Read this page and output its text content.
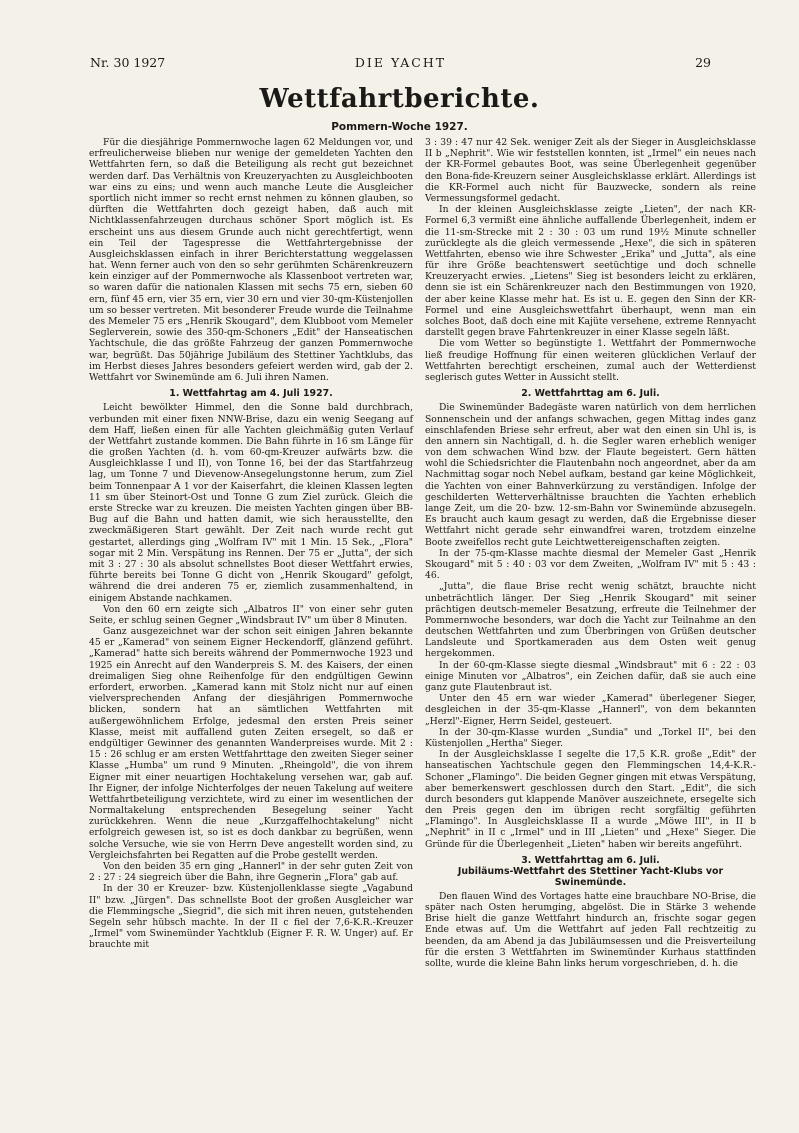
Nr. 30 1927	DIE YACHT	29
Wettfahrtberichte.
Pommern-Woche 1927.

Für die diesjährige Pommernwoche lagen 62 Meldungen vor, und erfreulicherweise blieben nur wenige der gemeldeten Yachten den Wettfahrten fern, so daß die Beteiligung als recht gut bezeichnet werden darf. Das Verhältnis von Kreuzeryachten zu Ausgleichbooten war eins zu eins; und wenn auch manche Leute die Ausgleicher sportlich nicht immer so recht ernst nehmen zu können glauben, so dürften die Wettfahrten doch gezeigt haben, daß auch mit Nichtklassenfahrzeugen durchaus schöner Sport möglich ist. Es erscheint uns aus diesem Grunde auch nicht gerechtfertigt, wenn ein Teil der Tagespresse die Wettfahrtergebnisse der Ausgleichsklassen einfach in ihrer Berichterstattung weggelassen hat. Wenn ferner auch von den so sehr gerühmten Schärenkreuzern kein einziger auf der Pommernwoche als Klassenboot vertreten war, so waren dafür die nationalen Klassen mit sechs 75 ern, sieben 60 ern, fünf 45 ern, vier 35 ern, vier 30 ern und vier 30-qm-Küstenjollen um so besser vertreten. Mit besonderer Freude wurde die Teilnahme des Memeler 75 ers „Henrik Skougard", dem Klubboot vom Memeler Seglerverein, sowie des 350-qm-Schoners „Edit" der Hanseatischen Yachtschule, die das größte Fahrzeug der ganzen Pommernwoche war, begrüßt. Das 50jährige Jubiläum des Stettiner Yachtklubs, das im Herbst dieses Jahres besonders gefeiert werden wird, gab der 2. Wettfahrt vor Swinemünde am 6. Juli ihren Namen.

1. Wettfahrtag am 4. Juli 1927.

Leicht bewölkter Himmel, den die Sonne bald durchbrach, verbunden mit einer fixen NNW-Brise, dazu ein wenig Seegang auf dem Haff, ließen einen für alle Yachten gleichmäßig guten Verlauf der Wettfahrt zustande kommen. Die Bahn führte in 16 sm Länge für die großen Yachten (d. h. vom 60-qm-Kreuzer aufwärts bzw. die Ausgleichklasse I und II), von Tonne 16, bei der das Startfahrzeug lag, um Tonne 7 und Dievenow-Ansegelungstonne herum, zum Ziel beim Tonnenpaar A 1 vor der Kaiserfahrt, die kleinen Klassen legten 11 sm über Steinort-Ost und Tonne G zum Ziel zurück. Gleich die erste Strecke war zu kreuzen. Die meisten Yachten gingen über BB-Bug auf die Bahn und hatten damit, wie sich herausstellte, den zweckmäßigeren Start gewählt. Der Zeit nach wurde recht gut gestartet, allerdings ging „Wolfram IV" mit 1 Min. 15 Sek., „Flora" sogar mit 2 Min. Verspätung ins Rennen. Der 75 er „Jutta", der sich mit 3 : 27 : 30 als absolut schnellstes Boot dieser Wettfahrt erwies, führte bereits bei Tonne G dicht von „Henrik Skougard" gefolgt, während die drei anderen 75 er, ziemlich zusammenhaltend, in einigem Abstande nachkamen.

Von den 60 ern zeigte sich „Albatros II" von einer sehr guten Seite, er schlug seinen Gegner „Windsbraut IV" um über 8 Minuten.

Ganz ausgezeichnet war der schon seit einigen Jahren bekannte 45 er „Kamerad" von seinem Eigner Heckendorff, glänzend geführt. „Kamerad" hatte sich bereits während der Pommernwoche 1923 und 1925 ein Anrecht auf den Wanderpreis S. M. des Kaisers, der einen dreimaligen Sieg ohne Reihenfolge für den endgültigen Gewinn erfordert, erworben. „Kamerad kann mit Stolz nicht nur auf einen vielversprechenden Anfang der diesjährigen Pommernwoche blicken, sondern hat an sämtlichen Wettfahrten mit außergewöhnlichem Erfolge, jedesmal den ersten Preis seiner Klasse, meist mit auffallend guten Zeiten ersegelt, so daß er endgültiger Gewinner des genannten Wanderpreises wurde. Mit 2 : 15 : 26 schlug er am ersten Wettfahrttage den zweiten Sieger seiner Klasse „Humba" um rund 9 Minuten. „Rheingold", die von ihrem Eigner mit einer neuartigen Hochtakelung versehen war, gab auf. Ihr Eigner, der infolge Nichterfolges der neuen Takelung auf weitere Wettfahrtbeteiligung verzichtete, wird zu einer im wesentlichen der Normaltakelung entsprechenden Besegelung seiner Yacht zurückkehren. Wenn die neue „Kurzgaffelhochtakelung" nicht erfolgreich gewesen ist, so ist es doch dankbar zu begrüßen, wenn solche Versuche, wie sie von Herrn Deve angestellt worden sind, zu Vergleichsfahrten bei Regatten auf die Probe gestellt werden.

Von den beiden 35 ern ging „Hannerl" in der sehr guten Zeit von 2 : 27 : 24 siegreich über die Bahn, ihre Gegnerin „Flora" gab auf.

In der 30 er Kreuzer- bzw. Küstenjollenklasse siegte „Vagabund II" bzw. „Jürgen". Das schnellste Boot der großen Ausgleicher war die Flemmingsche „Siegrid", die sich mit ihren neuen, gutstehenden Segeln sehr hübsch machte. In der II c fiel der 7,6-K.R.-Kreuzer „Irmel" vom Swinemünder Yachtklub (Eigner F. R. W. Unger) auf. Er brauchte mit

3 : 39 : 47 nur 42 Sek. weniger Zeit als der Sieger in Ausgleichsklasse II b „Nephrit". Wie wir feststellen konnten, ist „Irmel" ein neues nach der KR-Formel gebautes Boot, was seine Überlegenheit gegenüber den Bona-fide-Kreuzern seiner Ausgleichsklasse erklärt. Allerdings ist die KR-Formel auch nicht für Bauzwecke, sondern als reine Vermessungsformel gedacht.

In der kleinen Ausgleichsklasse zeigte „Lieten", der nach KR-Formel 6,3 vermißt eine ähnliche auffallende Überlegenheit, indem er die 11-sm-Strecke mit 2 : 30 : 03 um rund 19½ Minute schneller zurücklegte als die gleich vermessende „Hexe", die sich in späteren Wettfahrten, ebenso wie ihre Schwester „Erika" und „Jutta", als eine für ihre Größe beachtenswert seetüchtige und doch schnelle Kreuzeryacht erwies. „Lietens" Sieg ist besonders leicht zu erklären, denn sie ist ein Schärenkreuzer nach den Bestimmungen von 1920, der aber keine Klasse mehr hat. Es ist u. E. gegen den Sinn der KR-Formel und eine Ausgleichswettfahrt überhaupt, wenn man ein solches Boot, daß doch eine mit Kajüte versehene, extreme Rennyacht darstellt gegen brave Fahrtenkreuzer in einer Klasse segeln läßt.

Die vom Wetter so begünstigte 1. Wettfahrt der Pommernwoche ließ freudige Hoffnung für einen weiteren glücklichen Verlauf der Wettfahrten berechtigt erscheinen, zumal auch der Wetterdienst seglerisch gutes Wetter in Aussicht stellt.

2. Wettfahrttag am 6. Juli.

Die Swinemünder Badegäste waren natürlich von dem herrlichen Sonnenschein und der anfangs schwachen, gegen Mittag indes ganz einschlafenden Briese sehr erfreut, aber wat den einen sin Uhl is, is den annern sin Nachtigall, d. h. die Segler waren erheblich weniger von dem schwachen Wind bzw. der Flaute begeistert. Gern hätten wohl die Schiedsrichter die Flautenbahn noch angeordnet, aber da am Nachmittag sogar noch Nebel aufkam, bestand gar keine Möglichkeit, die Yachten von einer Bahnverkürzung zu verständigen. Infolge der geschilderten Wetterverhältnisse brauchten die Yachten erheblich lange Zeit, um die 20- bzw. 12-sm-Bahn vor Swinemünde abzusegeln. Es braucht auch kaum gesagt zu werden, daß die Ergebnisse dieser Wettfahrt nicht gerade sehr einwandfrei waren, trotzdem einzelne Boote zweifellos recht gute Leichtwettereigenschaften zeigten.

In der 75-qm-Klasse machte diesmal der Memeler Gast „Henrik Skougard" mit 5 : 40 : 03 vor dem Zweiten, „Wolfram IV" mit 5 : 43 : 46.

„Jutta", die flaue Brise recht wenig schätzt, brauchte nicht unbeträchtlich länger. Der Sieg „Henrik Skougard" mit seiner prächtigen deutsch-memeler Besatzung, erfreute die Teilnehmer der Pommernwoche besonders, war doch die Yacht zur Teilnahme an den deutschen Wettfahrten und zum Überbringen von Grüßen deutscher Landsleute und Sportkameraden aus dem Osten weit genug hergekommen.

In der 60-qm-Klasse siegte diesmal „Windsbraut" mit 6 : 22 : 03 einige Minuten vor „Albatros", ein Zeichen dafür, daß sie auch eine ganz gute Flautenbraut ist.

Unter den 45 ern war wieder „Kamerad" überlegener Sieger, desgleichen in der 35-qm-Klasse „Hannerl", von dem bekannten „Herzl"-Eigner, Herrn Seidel, gesteuert.

In der 30-qm-Klasse wurden „Sundia" und „Torkel II", bei den Küstenjollen „Hertha" Sieger.

In der Ausgleichsklasse I segelte die 17,5 K.R. große „Edit" der hanseatischen Yachtschule gegen den Flemmingschen 14,4-K.R.-Schoner „Flamingo". Die beiden Gegner gingen mit etwas Verspätung, aber bemerkenswert geschlossen durch den Start. „Edit", die sich durch besonders gut klappende Manöver auszeichnete, ersegelte sich den Preis gegen den im übrigen recht sorgfältig geführten „Flamingo". In Ausgleichsklasse II a wurde „Möwe III", in II b „Nephrit" in II c „Irmel" und in III „Lieten" und „Hexe" Sieger. Die Gründe für die Überlegenheit „Lieten" haben wir bereits angeführt.

3. Wettfahrttag am 6. Juli.
Jubiläums-Wettfahrt des Stettiner Yacht-Klubs vor Swinemünde.

Den flauen Wind des Vortages hatte eine brauchbare NO-Brise, die später nach Osten herumging, abgelöst. Die in Stärke 3 wehende Brise hielt die ganze Wettfahrt hindurch an, frischte sogar gegen Ende etwas auf. Um die Wettfahrt auf jeden Fall rechtzeitig zu beenden, da am Abend ja das Jubiläumsessen und die Preisverteilung für die ersten 3 Wettfahrten im Swinemünder Kurhaus stattfinden sollte, wurde die kleine Bahn links herum vorgeschrieben, d. h. die
